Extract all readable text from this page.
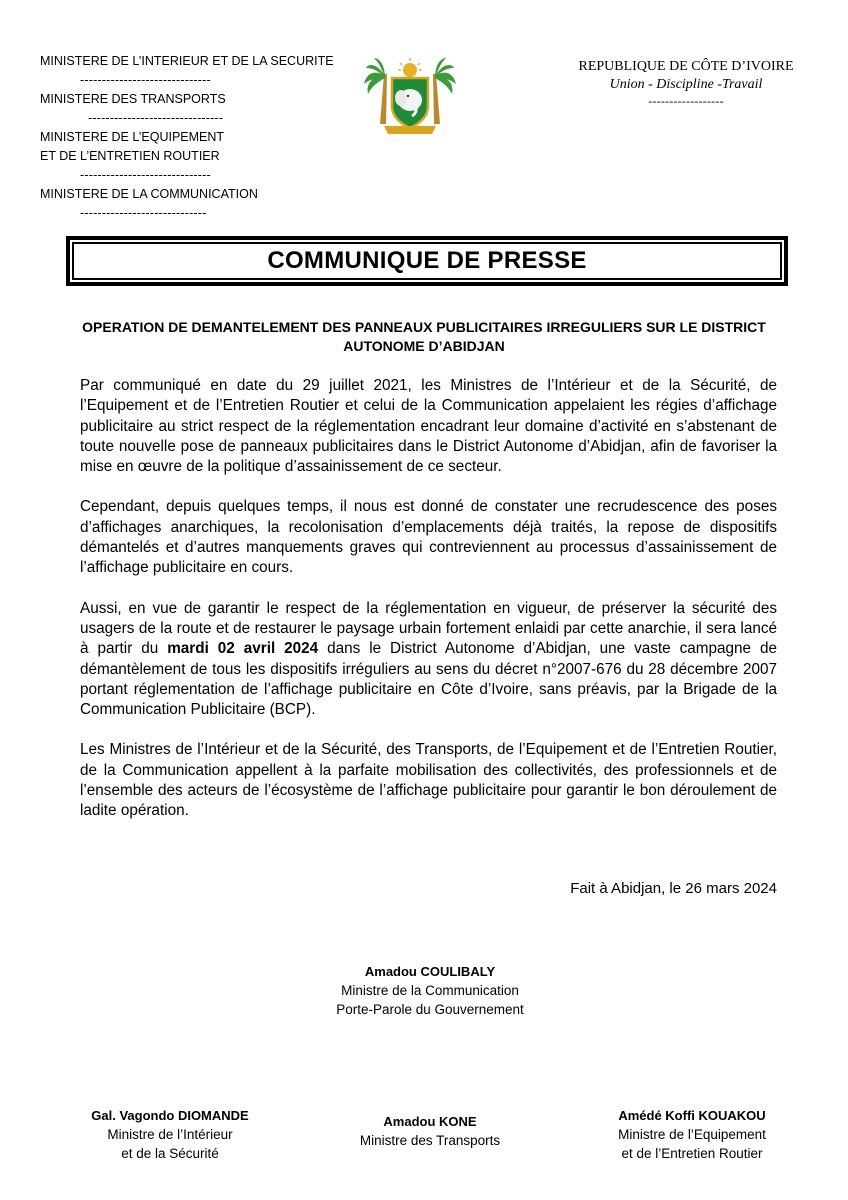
MINISTERE DE L’INTERIEUR ET DE LA SECURITE
------------------------------
MINISTERE DES TRANSPORTS
-------------------------------
MINISTERE DE L’EQUIPEMENT
ET DE L’ENTRETIEN ROUTIER
------------------------------
MINISTERE DE LA COMMUNICATION
-----------------------------
REPUBLIQUE DE CÔTE D’IVOIRE
Union - Discipline -Travail
------------------
COMMUNIQUE DE PRESSE
OPERATION DE DEMANTELEMENT DES PANNEAUX PUBLICITAIRES IRREGULIERS SUR LE DISTRICT AUTONOME D’ABIDJAN

Par communiqué en date du 29 juillet 2021, les Ministres de l’Intérieur et de la Sécurité, de l’Equipement et de l’Entretien Routier et celui de la Communication appelaient les régies d’affichage publicitaire au strict respect de la réglementation encadrant leur domaine d’activité en s’abstenant de toute nouvelle pose de panneaux publicitaires dans le District Autonome d’Abidjan, afin de favoriser la mise en œuvre de la politique d’assainissement de ce secteur.

Cependant, depuis quelques temps, il nous est donné de constater une recrudescence des poses d’affichages anarchiques, la recolonisation d’emplacements déjà traités, la repose de dispositifs démantelés et d’autres manquements graves qui contreviennent au processus d’assainissement de l’affichage publicitaire en cours.

Aussi, en vue de garantir le respect de la réglementation en vigueur, de préserver la sécurité des usagers de la route et de restaurer le paysage urbain fortement enlaidi par cette anarchie, il sera lancé à partir du mardi 02 avril 2024 dans le District Autonome d’Abidjan, une vaste campagne de démantèlement de tous les dispositifs irréguliers au sens du décret n°2007-676 du 28 décembre 2007 portant réglementation de l’affichage publicitaire en Côte d’Ivoire, sans préavis, par la Brigade de la Communication Publicitaire (BCP).

Les Ministres de l’Intérieur et de la Sécurité, des Transports, de l’Equipement et de l’Entretien Routier, de la Communication appellent à la parfaite mobilisation des collectivités, des professionnels et de l’ensemble des acteurs de l’écosystème de l’affichage publicitaire pour garantir le bon déroulement de ladite opération.

Fait à Abidjan, le 26 mars 2024
Amadou COULIBALY
Ministre de la Communication
Porte-Parole du Gouvernement
Gal. Vagondo DIOMANDE
Ministre de l’Intérieur
et de la Sécurité
Amadou KONE
Ministre des Transports
Amédé Koffi KOUAKOU
Ministre de l’Equipement
et de l’Entretien Routier
